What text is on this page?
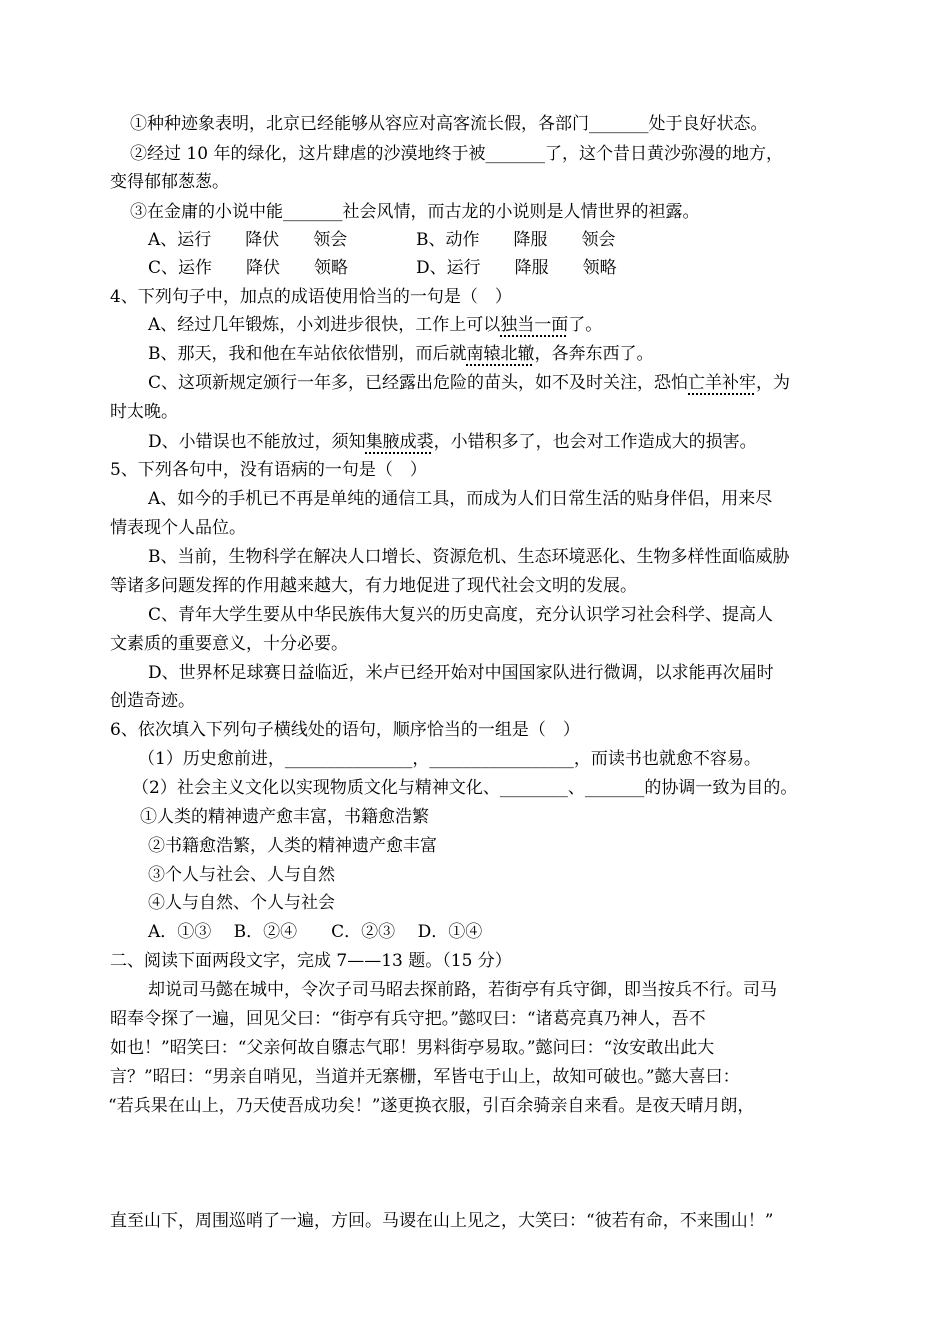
①种种迹象表明，北京已经能够从容应对高客流长假，各部门_______处于良好状态。
②经过 10 年的绿化，这片肆虐的沙漠地终于被_______了，这个昔日黄沙弥漫的地方，
变得郁郁葱葱。
③在金庸的小说中能_______社会风情，而古龙的小说则是人情世界的袒露。
A、运行　　降伏　　领会	B、动作　　降服　　领会
C、运作　　降伏　　领略	D、运行　　降服　　领略
4、下列句子中，加点的成语使用恰当的一句是（　）
A、经过几年锻炼，小刘进步很快，工作上可以独当一面了。
B、那天，我和他在车站依依惜别，而后就南辕北辙，各奔东西了。
C、这项新规定颁行一年多，已经露出危险的苗头，如不及时关注，恐怕亡羊补牢，为
时太晚。
D、小错误也不能放过，须知集腋成裘，小错积多了，也会对工作造成大的损害。
5、下列各句中，没有语病的一句是（　）
A、如今的手机已不再是单纯的通信工具，而成为人们日常生活的贴身伴侣，用来尽
情表现个人品位。
B、当前，生物科学在解决人口增长、资源危机、生态环境恶化、生物多样性面临威胁
等诸多问题发挥的作用越来越大，有力地促进了现代社会文明的发展。
C、青年大学生要从中华民族伟大复兴的历史高度，充分认识学习社会科学、提高人
文素质的重要意义，十分必要。
D、世界杯足球赛日益临近，米卢已经开始对中国国家队进行微调，以求能再次届时
创造奇迹。
6、依次填入下列句子横线处的语句，顺序恰当的一组是（　）
（1）历史愈前进，_______________，_________________，而读书也就愈不容易。
（2）社会主义文化以实现物质文化与精神文化、________、_______的协调一致为目的。
①人类的精神遗产愈丰富，书籍愈浩繁
②书籍愈浩繁，人类的精神遗产愈丰富
③个人与社会、人与自然
④人与自然、个人与社会
A．①③　 B．②④　　C．②③　 D．①④
二、阅读下面两段文字，完成 7——13 题。（15 分）
却说司马懿在城中，令次子司马昭去探前路，若街亭有兵守御，即当按兵不行。司马
昭奉令探了一遍，回见父曰：“街亭有兵守把。”懿叹曰：“诸葛亮真乃神人，吾不
如也！”昭笑曰：“父亲何故自隳志气耶！男料街亭易取。”懿问曰：“汝安敢出此大
言？”昭曰：“男亲自哨见，当道并无寨栅，军皆屯于山上，故知可破也。”懿大喜曰：
“若兵果在山上，乃天使吾成功矣！”遂更换衣服，引百余骑亲自来看。是夜天晴月朗，
直至山下，周围巡哨了一遍，方回。马谡在山上见之，大笑曰：“彼若有命，不来围山！”
